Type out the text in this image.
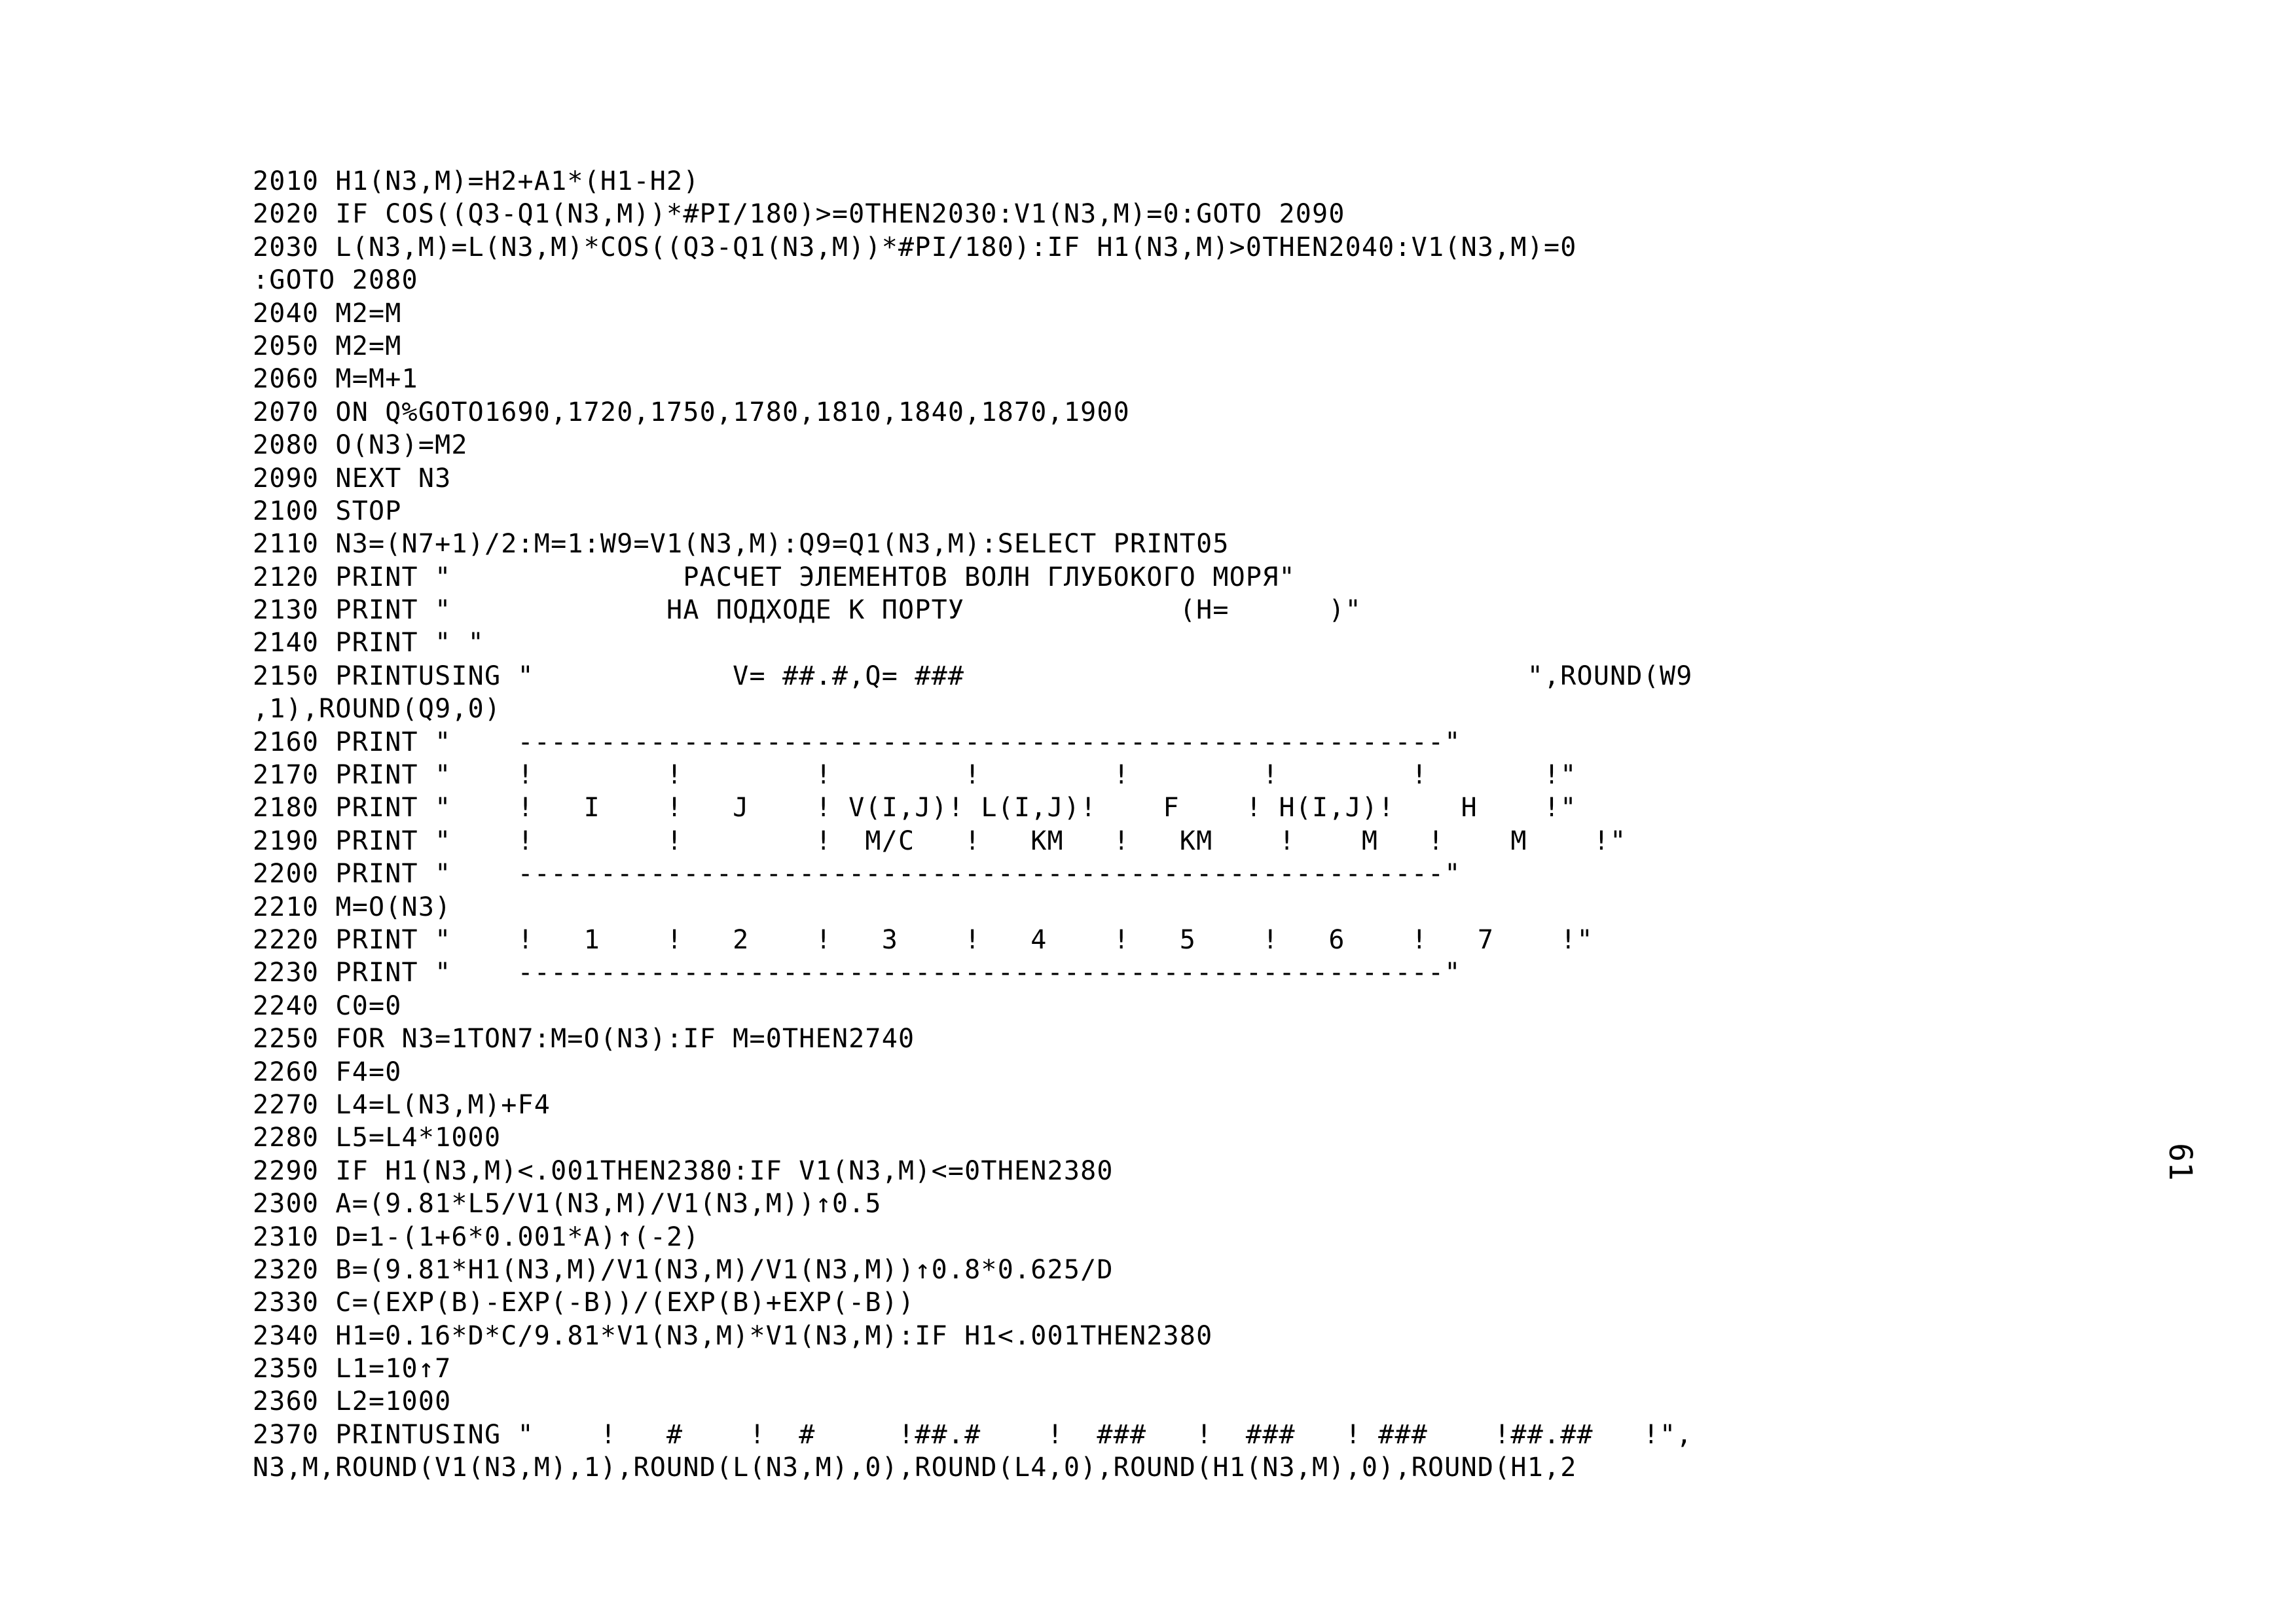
2010 H1(N3,M)=H2+A1*(H1-H2)
2020 IF COS((Q3-Q1(N3,M))*#PI/180)>=0THEN2030:V1(N3,M)=0:GOTO 2090
2030 L(N3,M)=L(N3,M)*COS((Q3-Q1(N3,M))*#PI/180):IF H1(N3,M)>0THEN2040:V1(N3,M)=0
:GOTO 2080
2040 M2=M
2050 M2=M
2060 M=M+1
2070 ON Q%GOTO1690,1720,1750,1780,1810,1840,1870,1900
2080 O(N3)=M2
2090 NEXT N3
2100 STOP
2110 N3=(N7+1)/2:M=1:W9=V1(N3,M):Q9=Q1(N3,M):SELECT PRINT05
2120 PRINT "              РАСЧЕТ ЭЛЕМЕНТОВ ВОЛН ГЛУБОКОГО МОРЯ"
2130 PRINT "             НА ПОДХОДЕ К ПОРТУ             (H=      )"
2140 PRINT " "
2150 PRINTUSING "            V= ##.#,Q= ###                                  ",ROUND(W9
,1),ROUND(Q9,0)
2160 PRINT "    --------------------------------------------------------"
2170 PRINT "    !        !        !        !        !        !        !       !"
2180 PRINT "    !   I    !   J    ! V(I,J)! L(I,J)!    F    ! H(I,J)!    H    !"
2190 PRINT "    !        !        !  M/C   !   KM   !   KM    !    M   !    M    !"
2200 PRINT "    --------------------------------------------------------"
2210 M=O(N3)
2220 PRINT "    !   1    !   2    !   3    !   4    !   5    !   6    !   7    !"
2230 PRINT "    --------------------------------------------------------"
2240 C0=0
2250 FOR N3=1TON7:M=O(N3):IF M=0THEN2740
2260 F4=0
2270 L4=L(N3,M)+F4
2280 L5=L4*1000
2290 IF H1(N3,M)<.001THEN2380:IF V1(N3,M)<=0THEN2380
2300 A=(9.81*L5/V1(N3,M)/V1(N3,M))↑0.5
2310 D=1-(1+6*0.001*A)↑(-2)
2320 B=(9.81*H1(N3,M)/V1(N3,M)/V1(N3,M))↑0.8*0.625/D
2330 C=(EXP(B)-EXP(-B))/(EXP(B)+EXP(-B))
2340 H1=0.16*D*C/9.81*V1(N3,M)*V1(N3,M):IF H1<.001THEN2380
2350 L1=10↑7
2360 L2=1000
2370 PRINTUSING "    !   #    !  #     !##.#    !  ###   !  ###   ! ###    !##.##   !",
N3,M,ROUND(V1(N3,M),1),ROUND(L(N3,M),0),ROUND(L4,0),ROUND(H1(N3,M),0),ROUND(H1,2
61
